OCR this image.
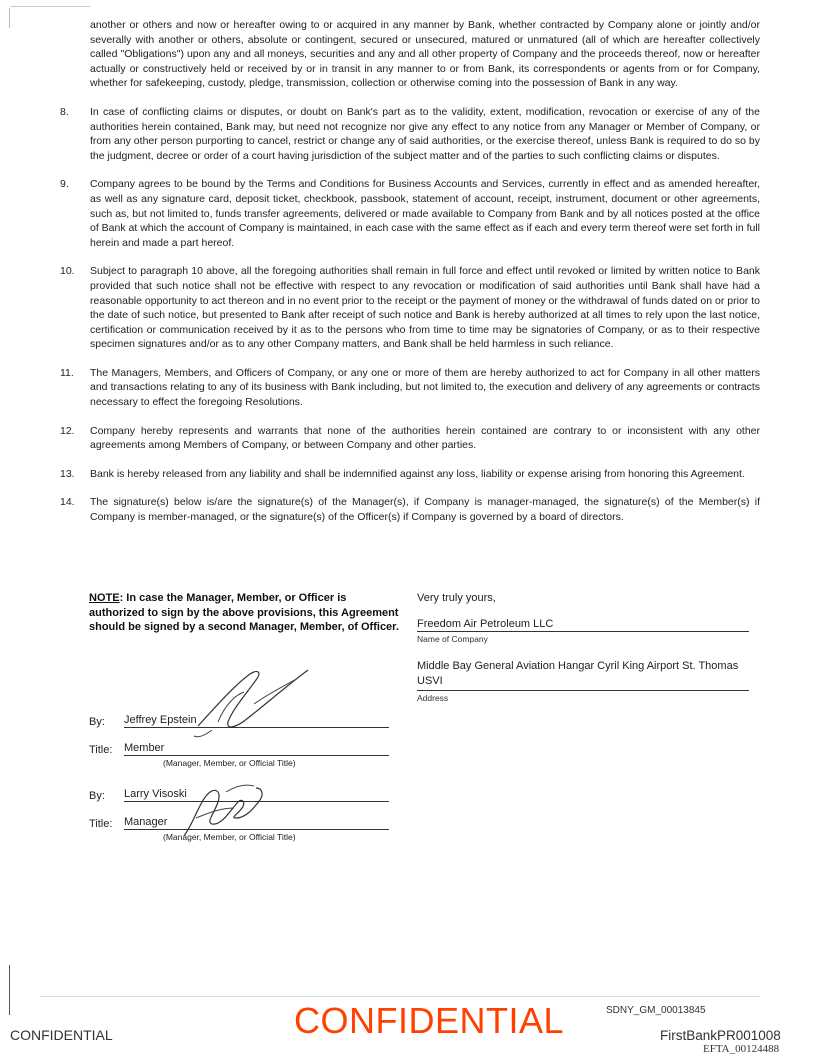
another or others and now or hereafter owing to or acquired in any manner by Bank, whether contracted by Company alone or jointly and/or severally with another or others, absolute or contingent, secured or unsecured, matured or unmatured (all of which are hereafter collectively called "Obligations") upon any and all moneys, securities and any and all other property of Company and the proceeds thereof, now or hereafter actually or constructively held or received by or in transit in any manner to or from Bank, its correspondents or agents from or for Company, whether for safekeeping, custody, pledge, transmission, collection or otherwise coming into the possession of Bank in any way.

8.	In case of conflicting claims or disputes, or doubt on Bank's part as to the validity, extent, modification, revocation or exercise of any of the authorities herein contained, Bank may, but need not recognize nor give any effect to any notice from any Manager or Member of Company, or from any other person purporting to cancel, restrict or change any of said authorities, or the exercise thereof, unless Bank is required to do so by the judgment, decree or order of a court having jurisdiction of the subject matter and of the parties to such conflicting claims or disputes.
9.	Company agrees to be bound by the Terms and Conditions for Business Accounts and Services, currently in effect and as amended hereafter, as well as any signature card, deposit ticket, checkbook, passbook, statement of account, receipt, instrument, document or other agreements, such as, but not limited to, funds transfer agreements, delivered or made available to Company from Bank and by all notices posted at the office of Bank at which the account of Company is maintained, in each case with the same effect as if each and every term thereof were set forth in full herein and made a part hereof.
10.	Subject to paragraph 10 above, all the foregoing authorities shall remain in full force and effect until revoked or limited by written notice to Bank provided that such notice shall not be effective with respect to any revocation or modification of said authorities until Bank shall have had a reasonable opportunity to act thereon and in no event prior to the receipt or the payment of money or the withdrawal of funds dated on or prior to the date of such notice, but presented to Bank after receipt of such notice and Bank is hereby authorized at all times to rely upon the last notice, certification or communication received by it as to the persons who from time to time may be signatories of Company, or as to their respective specimen signatures and/or as to any other Company matters, and Bank shall be held harmless in such reliance.
11.	The Managers, Members, and Officers of Company, or any one or more of them are hereby authorized to act for Company in all other matters and transactions relating to any of its business with Bank including, but not limited to, the execution and delivery of any agreements or contracts necessary to effect the foregoing Resolutions.
12.	Company hereby represents and warrants that none of the authorities herein contained are contrary to or inconsistent with any other agreements among Members of Company, or between Company and other parties.
13.	Bank is hereby released from any liability and shall be indemnified against any loss, liability or expense arising from honoring this Agreement.
14.	The signature(s) below is/are the signature(s) of the Manager(s), if Company is manager-managed, the signature(s) of the Member(s) if Company is member-managed, or the signature(s) of the Officer(s) if Company is governed by a board of directors.
NOTE: In case the Manager, Member, or Officer is authorized to sign by the above provisions, this Agreement should be signed by a second Manager, Member, of Officer.
Very truly yours,
Freedom Air Petroleum LLC
Name of Company
Middle Bay General Aviation Hangar Cyril King Airport St. Thomas USVI
Address
By:	Jeffrey Epstein
Title:	Member
(Manager, Member, or Official Title)
By:	Larry Visoski
Title:	Manager
(Manager, Member, or Official Title)
CONFIDENTIAL	CONFIDENTIAL	SDNY_GM_00013845
FirstBankPR001008
EFTA_00124488
